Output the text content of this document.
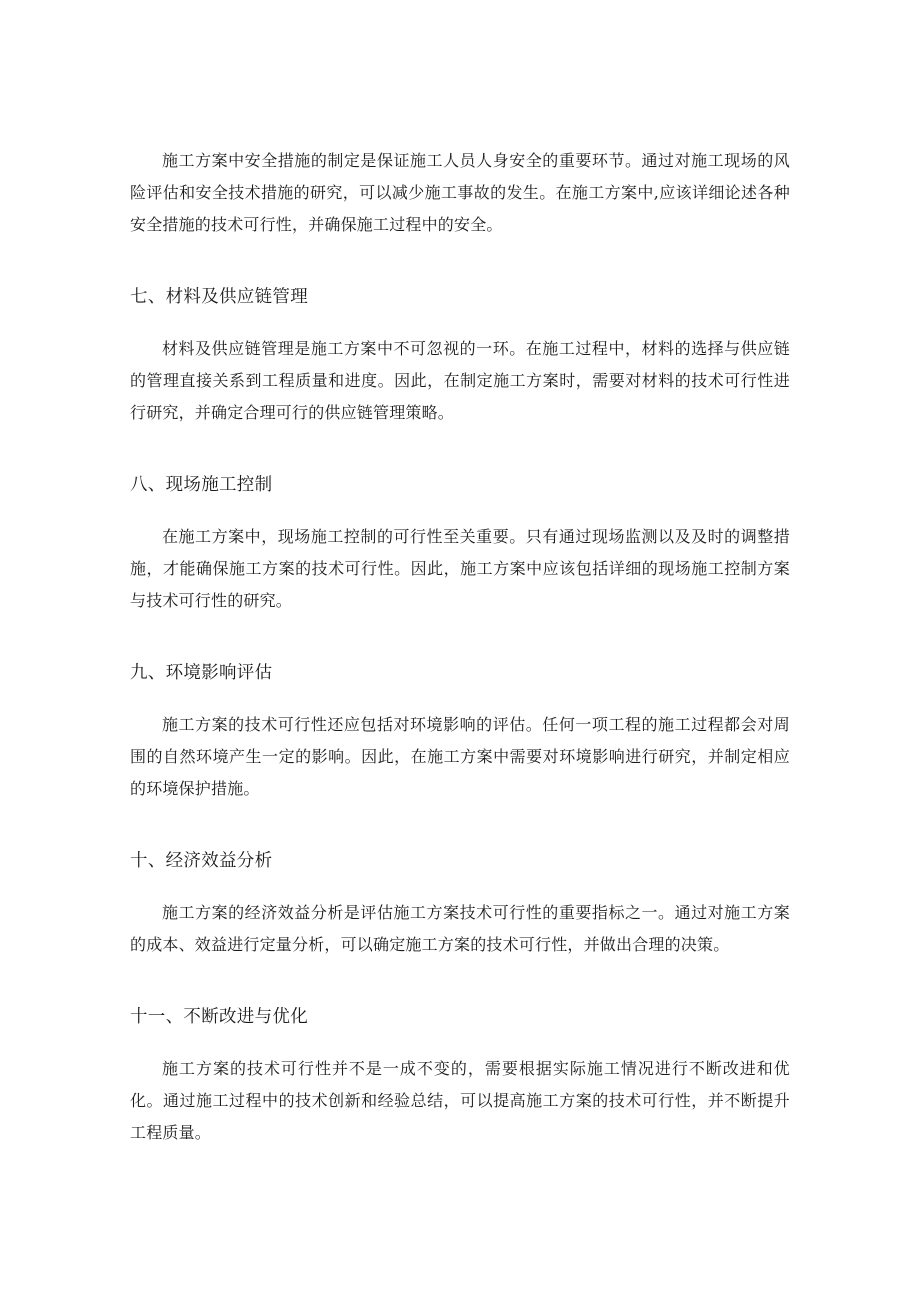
施工方案中安全措施的制定是保证施工人员人身安全的重要环节。通过对施工现场的风险评估和安全技术措施的研究，可以减少施工事故的发生。在施工方案中,应该详细论述各种安全措施的技术可行性，并确保施工过程中的安全。

七、材料及供应链管理

材料及供应链管理是施工方案中不可忽视的一环。在施工过程中，材料的选择与供应链的管理直接关系到工程质量和进度。因此，在制定施工方案时，需要对材料的技术可行性进行研究，并确定合理可行的供应链管理策略。

八、现场施工控制

在施工方案中，现场施工控制的可行性至关重要。只有通过现场监测以及及时的调整措施，才能确保施工方案的技术可行性。因此，施工方案中应该包括详细的现场施工控制方案与技术可行性的研究。

九、环境影响评估

施工方案的技术可行性还应包括对环境影响的评估。任何一项工程的施工过程都会对周围的自然环境产生一定的影响。因此，在施工方案中需要对环境影响进行研究，并制定相应的环境保护措施。

十、经济效益分析

施工方案的经济效益分析是评估施工方案技术可行性的重要指标之一。通过对施工方案的成本、效益进行定量分析，可以确定施工方案的技术可行性，并做出合理的决策。

十一、不断改进与优化

施工方案的技术可行性并不是一成不变的，需要根据实际施工情况进行不断改进和优化。通过施工过程中的技术创新和经验总结，可以提高施工方案的技术可行性，并不断提升工程质量。
